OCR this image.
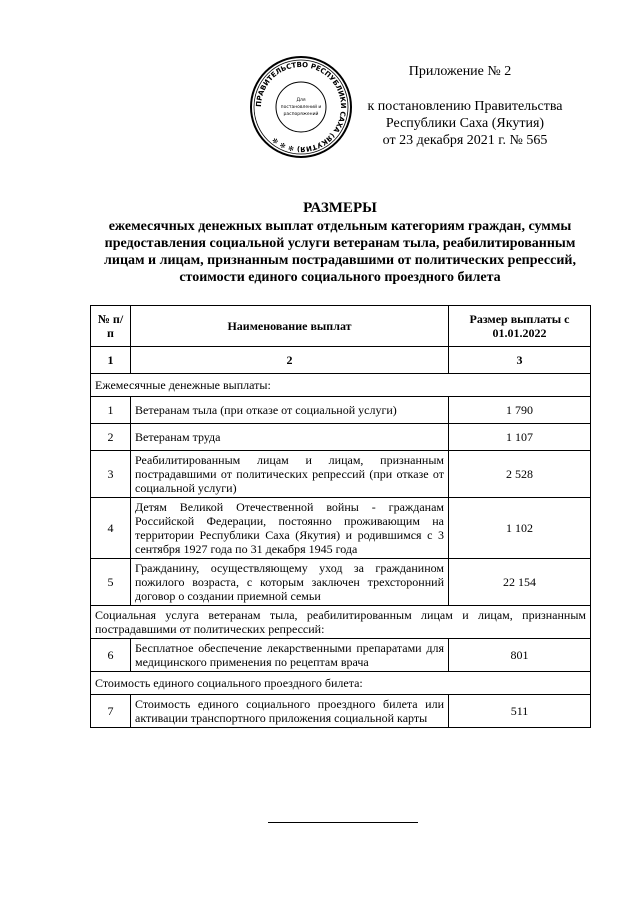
ПРАВИТЕЛЬСТВО РЕСПУБЛИКИ САХА (ЯКУТИЯ) ✻ ✻ ✻
Для
постановлений и
распоряжений
Приложение № 2
к постановлению Правительства
Республики Саха (Якутия)
от 23 декабря 2021 г. № 565
РАЗМЕРЫ
ежемесячных денежных выплат отдельным категориям граждан, суммы предоставления социальной услуги ветеранам тыла, реабилитированным лицам и лицам, признанным пострадавшими от политических репрессий, стоимости единого социального проездного билета
№ п/п	Наименование выплат	Размер выплаты с 01.01.2022
1	2	3
Ежемесячные денежные выплаты:		
1	Ветеранам тыла (при отказе от социальной услуги)	1 790
2	Ветеранам труда	1 107
3	Реабилитированным лицам и лицам, признанным пострадавшими от политических репрессий (при отказе от социальной услуги)	2 528
4	Детям Великой Отечественной войны - гражданам Российской Федерации, постоянно проживающим на территории Республики Саха (Якутия) и родившимся с 3 сентября 1927 года по 31 декабря 1945 года	1 102
5	Гражданину, осуществляющему уход за гражданином пожилого возраста, с которым заключен трехсторонний договор о создании приемной семьи	22 154
Социальная услуга ветеранам тыла, реабилитированным лицам и лицам, признанным пострадавшими от политических репрессий:		
6	Бесплатное обеспечение лекарственными препаратами для медицинского применения по рецептам врача	801
Стоимость единого социального проездного билета:		
7	Стоимость единого социального проездного билета или активации транспортного приложения социальной карты	511
